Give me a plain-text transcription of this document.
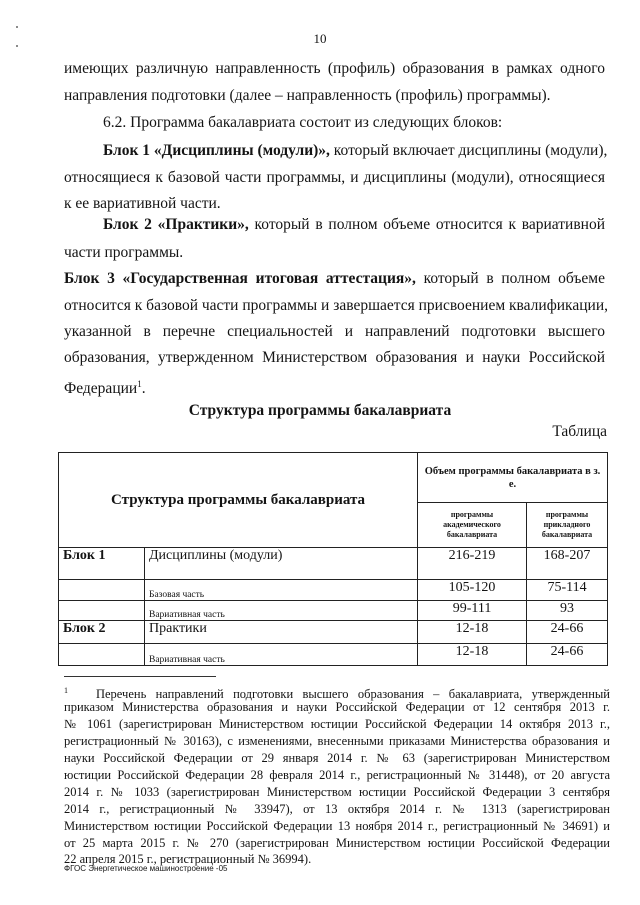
10
имеющих различную направленность (профиль) образования в рамках одного
направления подготовки (далее – направленность (профиль) программы).
6.2. Программа бакалавриата состоит из следующих блоков:
Блок 1 «Дисциплины (модули)», который включает дисциплины (модули),
относящиеся к базовой части программы, и дисциплины (модули), относящиеся
к ее вариативной части.
Блок 2 «Практики», который в полном объеме относится к вариативной
части программы.
Блок 3 «Государственная итоговая аттестация», который в полном объеме
относится к базовой части программы и завершается присвоением квалификации,
указанной в перечне специальностей и направлений подготовки высшего
образования, утвержденном Министерством образования и науки Российской
Федерации$^1$.
Структура программы бакалавриата
Таблица
Структура программы бакалавриата		Объем программы бакалавриата в з. е.	
		программы академического бакалавриата	программы прикладного бакалавриата
Блок 1	Дисциплины (модули)	216-219	168-207
	Базовая часть	105-120	75-114
	Вариативная часть	99-111	93
Блок 2	Практики	12-18	24-66
	Вариативная часть	12-18	24-66
$^1$ Перечень направлений подготовки высшего образования – бакалавриата, утвержденный
приказом Министерства образования и науки Российской Федерации от 12 сентября 2013 г.
№ 1061 (зарегистрирован Министерством юстиции Российской Федерации 14 октября 2013 г.,
регистрационный № 30163), с изменениями, внесенными приказами Министерства образования и
науки Российской Федерации от 29 января 2014 г. № 63 (зарегистрирован Министерством
юстиции Российской Федерации 28 февраля 2014 г., регистрационный № 31448), от 20 августа
2014 г. № 1033 (зарегистрирован Министерством юстиции Российской Федерации 3 сентября
2014 г., регистрационный № 33947), от 13 октября 2014 г. № 1313 (зарегистрирован
Министерством юстиции Российской Федерации 13 ноября 2014 г., регистрационный № 34691) и
от 25 марта 2015 г. № 270 (зарегистрирован Министерством юстиции Российской Федерации
22 апреля 2015 г., регистрационный № 36994).
ФГОС Энергетическое машиностроение -05
